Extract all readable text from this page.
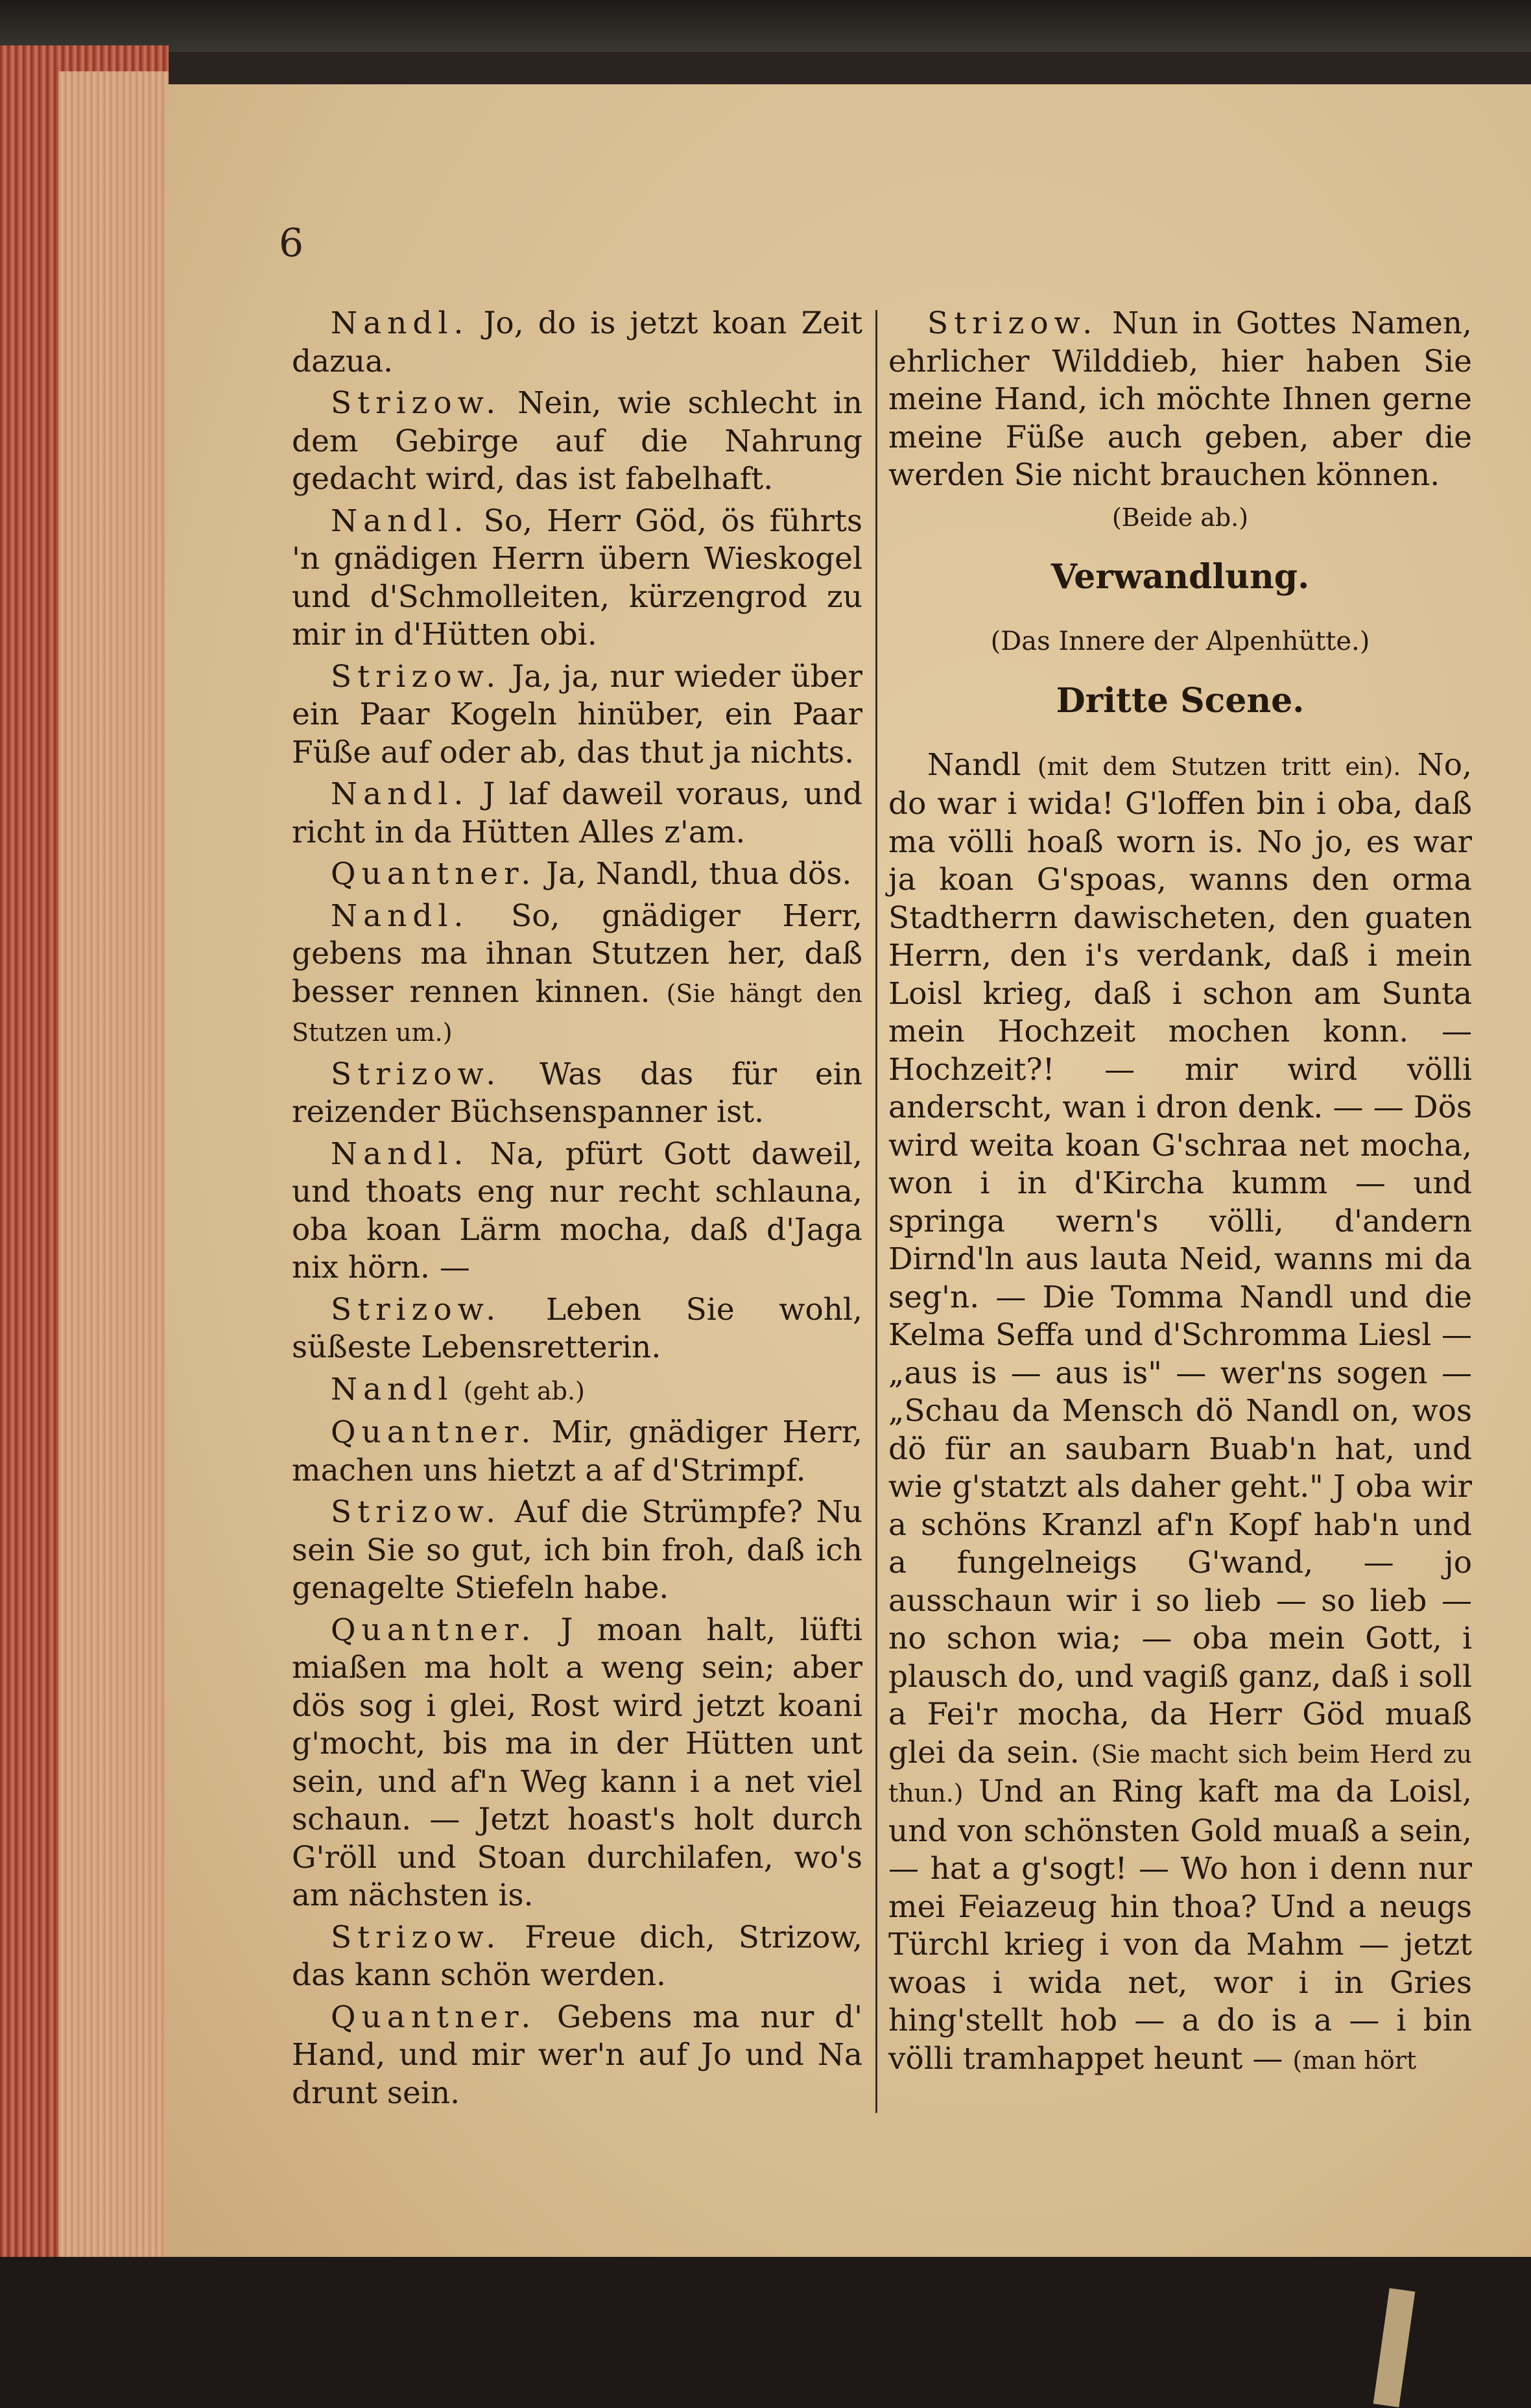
6

Nandl. Jo, do is jetzt koan Zeit dazua.

Strizow. Nein, wie schlecht in dem Gebirge auf die Nahrung gedacht wird, das ist fabelhaft.

Nandl. So, Herr Göd, ös führts 'n gnädigen Herrn übern Wieskogel und d'Schmolleiten, kürzengrod zu mir in d'Hütten obi.

Strizow. Ja, ja, nur wieder über ein Paar Kogeln hinüber, ein Paar Füße auf oder ab, das thut ja nichts.

Nandl. J laf daweil voraus, und richt in da Hütten Alles z'am.

Quantner. Ja, Nandl, thua dös.

Nandl. So, gnädiger Herr, gebens ma ihnan Stutzen her, daß besser rennen kinnen. (Sie hängt den Stutzen um.)

Strizow. Was das für ein reizender Büchsenspanner ist.

Nandl. Na, pfürt Gott daweil, und thoats eng nur recht schlauna, oba koan Lärm mocha, daß d'Jaga nix hörn. —

Strizow. Leben Sie wohl, süßeste Lebensretterin.

Nandl (geht ab.)

Quantner. Mir, gnädiger Herr, machen uns hietzt a af d'Strimpf.

Strizow. Auf die Strümpfe? Nu sein Sie so gut, ich bin froh, daß ich genagelte Stiefeln habe.

Quantner. J moan halt, lüfti miaßen ma holt a weng sein; aber dös sog i glei, Rost wird jetzt koani g'mocht, bis ma in der Hütten unt sein, und af'n Weg kann i a net viel schaun. — Jetzt hoast's holt durch G'röll und Stoan durchilafen, wo's am nächsten is.

Strizow. Freue dich, Strizow, das kann schön werden.

Quantner. Gebens ma nur d' Hand, und mir wer'n auf Jo und Na drunt sein.

Strizow. Nun in Gottes Namen, ehrlicher Wilddieb, hier haben Sie meine Hand, ich möchte Ihnen gerne meine Füße auch geben, aber die werden Sie nicht brauchen können.

(Beide ab.)

Verwandlung.

(Das Innere der Alpenhütte.)

Dritte Scene.

Nandl (mit dem Stutzen tritt ein). No, do war i wida! G'loffen bin i oba, daß ma völli hoaß worn is. No jo, es war ja koan G'spoas, wanns den orma Stadtherrn dawischeten, den guaten Herrn, den i's verdank, daß i mein Loisl krieg, daß i schon am Sunta mein Hochzeit mochen konn. — Hochzeit?! — mir wird völli anderscht, wan i dron denk. — — Dös wird weita koan G'schraa net mocha, won i in d'Kircha kumm — und springa wern's völli, d'andern Dirnd'ln aus lauta Neid, wanns mi da seg'n. — Die Tomma Nandl und die Kelma Seffa und d'Schromma Liesl — „aus is — aus is" — wer'ns sogen — „Schau da Mensch dö Nandl on, wos dö für an saubarn Buab'n hat, und wie g'statzt als daher geht." J oba wir a schöns Kranzl af'n Kopf hab'n und a fungelneigs G'wand, — jo ausschaun wir i so lieb — so lieb — no schon wia; — oba mein Gott, i plausch do, und vagiß ganz, daß i soll a Fei'r mocha, da Herr Göd muaß glei da sein. (Sie macht sich beim Herd zu thun.) Und an Ring kaft ma da Loisl, und von schönsten Gold muaß a sein, — hat a g'sogt! — Wo hon i denn nur mei Feiazeug hin thoa? Und a neugs Türchl krieg i von da Mahm — jetzt woas i wida net, wor i in Gries hing'stellt hob — a do is a — i bin völli tramhappet heunt — (man hört
